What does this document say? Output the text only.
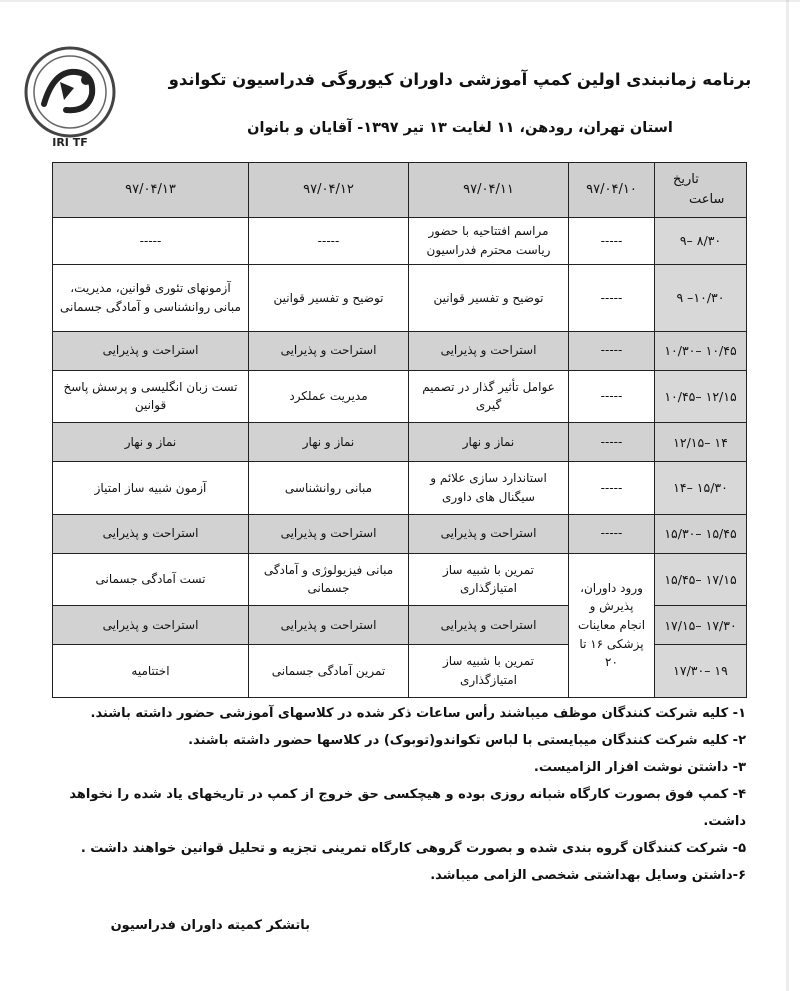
IRI TF
برنامه زمانبندی اولین کمپ آموزشی داوران کیوروگی فدراسیون تکواندو
استان تهران، رودهن، ۱۱ لغایت ۱۳ تیر ۱۳۹۷- آقایان و بانوان
تاریخ
ساعت	۹۷/۰۴/۱۰	۹۷/۰۴/۱۱	۹۷/۰۴/۱۲	۹۷/۰۴/۱۳
۹– ۸/۳۰	-----	مراسم افتتاحیه با حضور ریاست محترم فدراسیون	-----	-----
۹ –۱۰/۳۰	-----	توضیح و تفسیر قوانین	توضیح و تفسیر قوانین	آزمونهای تئوری قوانین، مدیریت، مبانی روانشناسی و آمادگی جسمانی
۱۰/۳۰– ۱۰/۴۵	-----	استراحت و پذیرایی	استراحت و پذیرایی	استراحت و پذیرایی
۱۰/۴۵– ۱۲/۱۵	-----	عوامل تأثیر گذار در تصمیم گیری	مدیریت عملکرد	تست زبان انگلیسی و پرسش پاسخ قوانین
۱۲/۱۵– ۱۴	-----	نماز و نهار	نماز و نهار	نماز و نهار
۱۴– ۱۵/۳۰	-----	استاندارد سازی علائم و سیگنال های داوری	مبانی روانشناسی	آزمون شبیه ساز امتیاز
۱۵/۳۰– ۱۵/۴۵	-----	استراحت و پذیرایی	استراحت و پذیرایی	استراحت و پذیرایی
۱۵/۴۵– ۱۷/۱۵	ورود داوران، پذیرش و انجام معاینات پزشکی ۱۶ تا ۲۰	تمرین با شبیه ساز امتیازگذاری	مبانی فیزیولوژی و آمادگی جسمانی	تست آمادگی جسمانی
۱۷/۱۵– ۱۷/۳۰		استراحت و پذیرایی	استراحت و پذیرایی	استراحت و پذیرایی
۱۷/۳۰– ۱۹		تمرین با شبیه ساز امتیازگذاری	تمرین آمادگی جسمانی	اختتامیه
۱- کلیه شرکت کنندگان موظف میباشند رأس ساعات ذکر شده در کلاسهای آموزشی حضور داشته باشند.
۲- کلیه شرکت کنندگان میبایستی با لباس تکواندو(توبوک) در کلاسها حضور داشته باشند.
۳- داشتن نوشت افزار الزامیست.
۴- کمپ فوق بصورت کارگاه شبانه روزی بوده و هیچکسی حق خروج از کمپ در تاریخهای یاد شده را نخواهد داشت.
۵- شرکت کنندگان گروه بندی شده و بصورت گروهی کارگاه تمرینی تجزیه و تحلیل قوانین خواهند داشت .
۶-داشتن وسایل بهداشتی شخصی الزامی میباشد.
باتشکر کمیته داوران فدراسیون
